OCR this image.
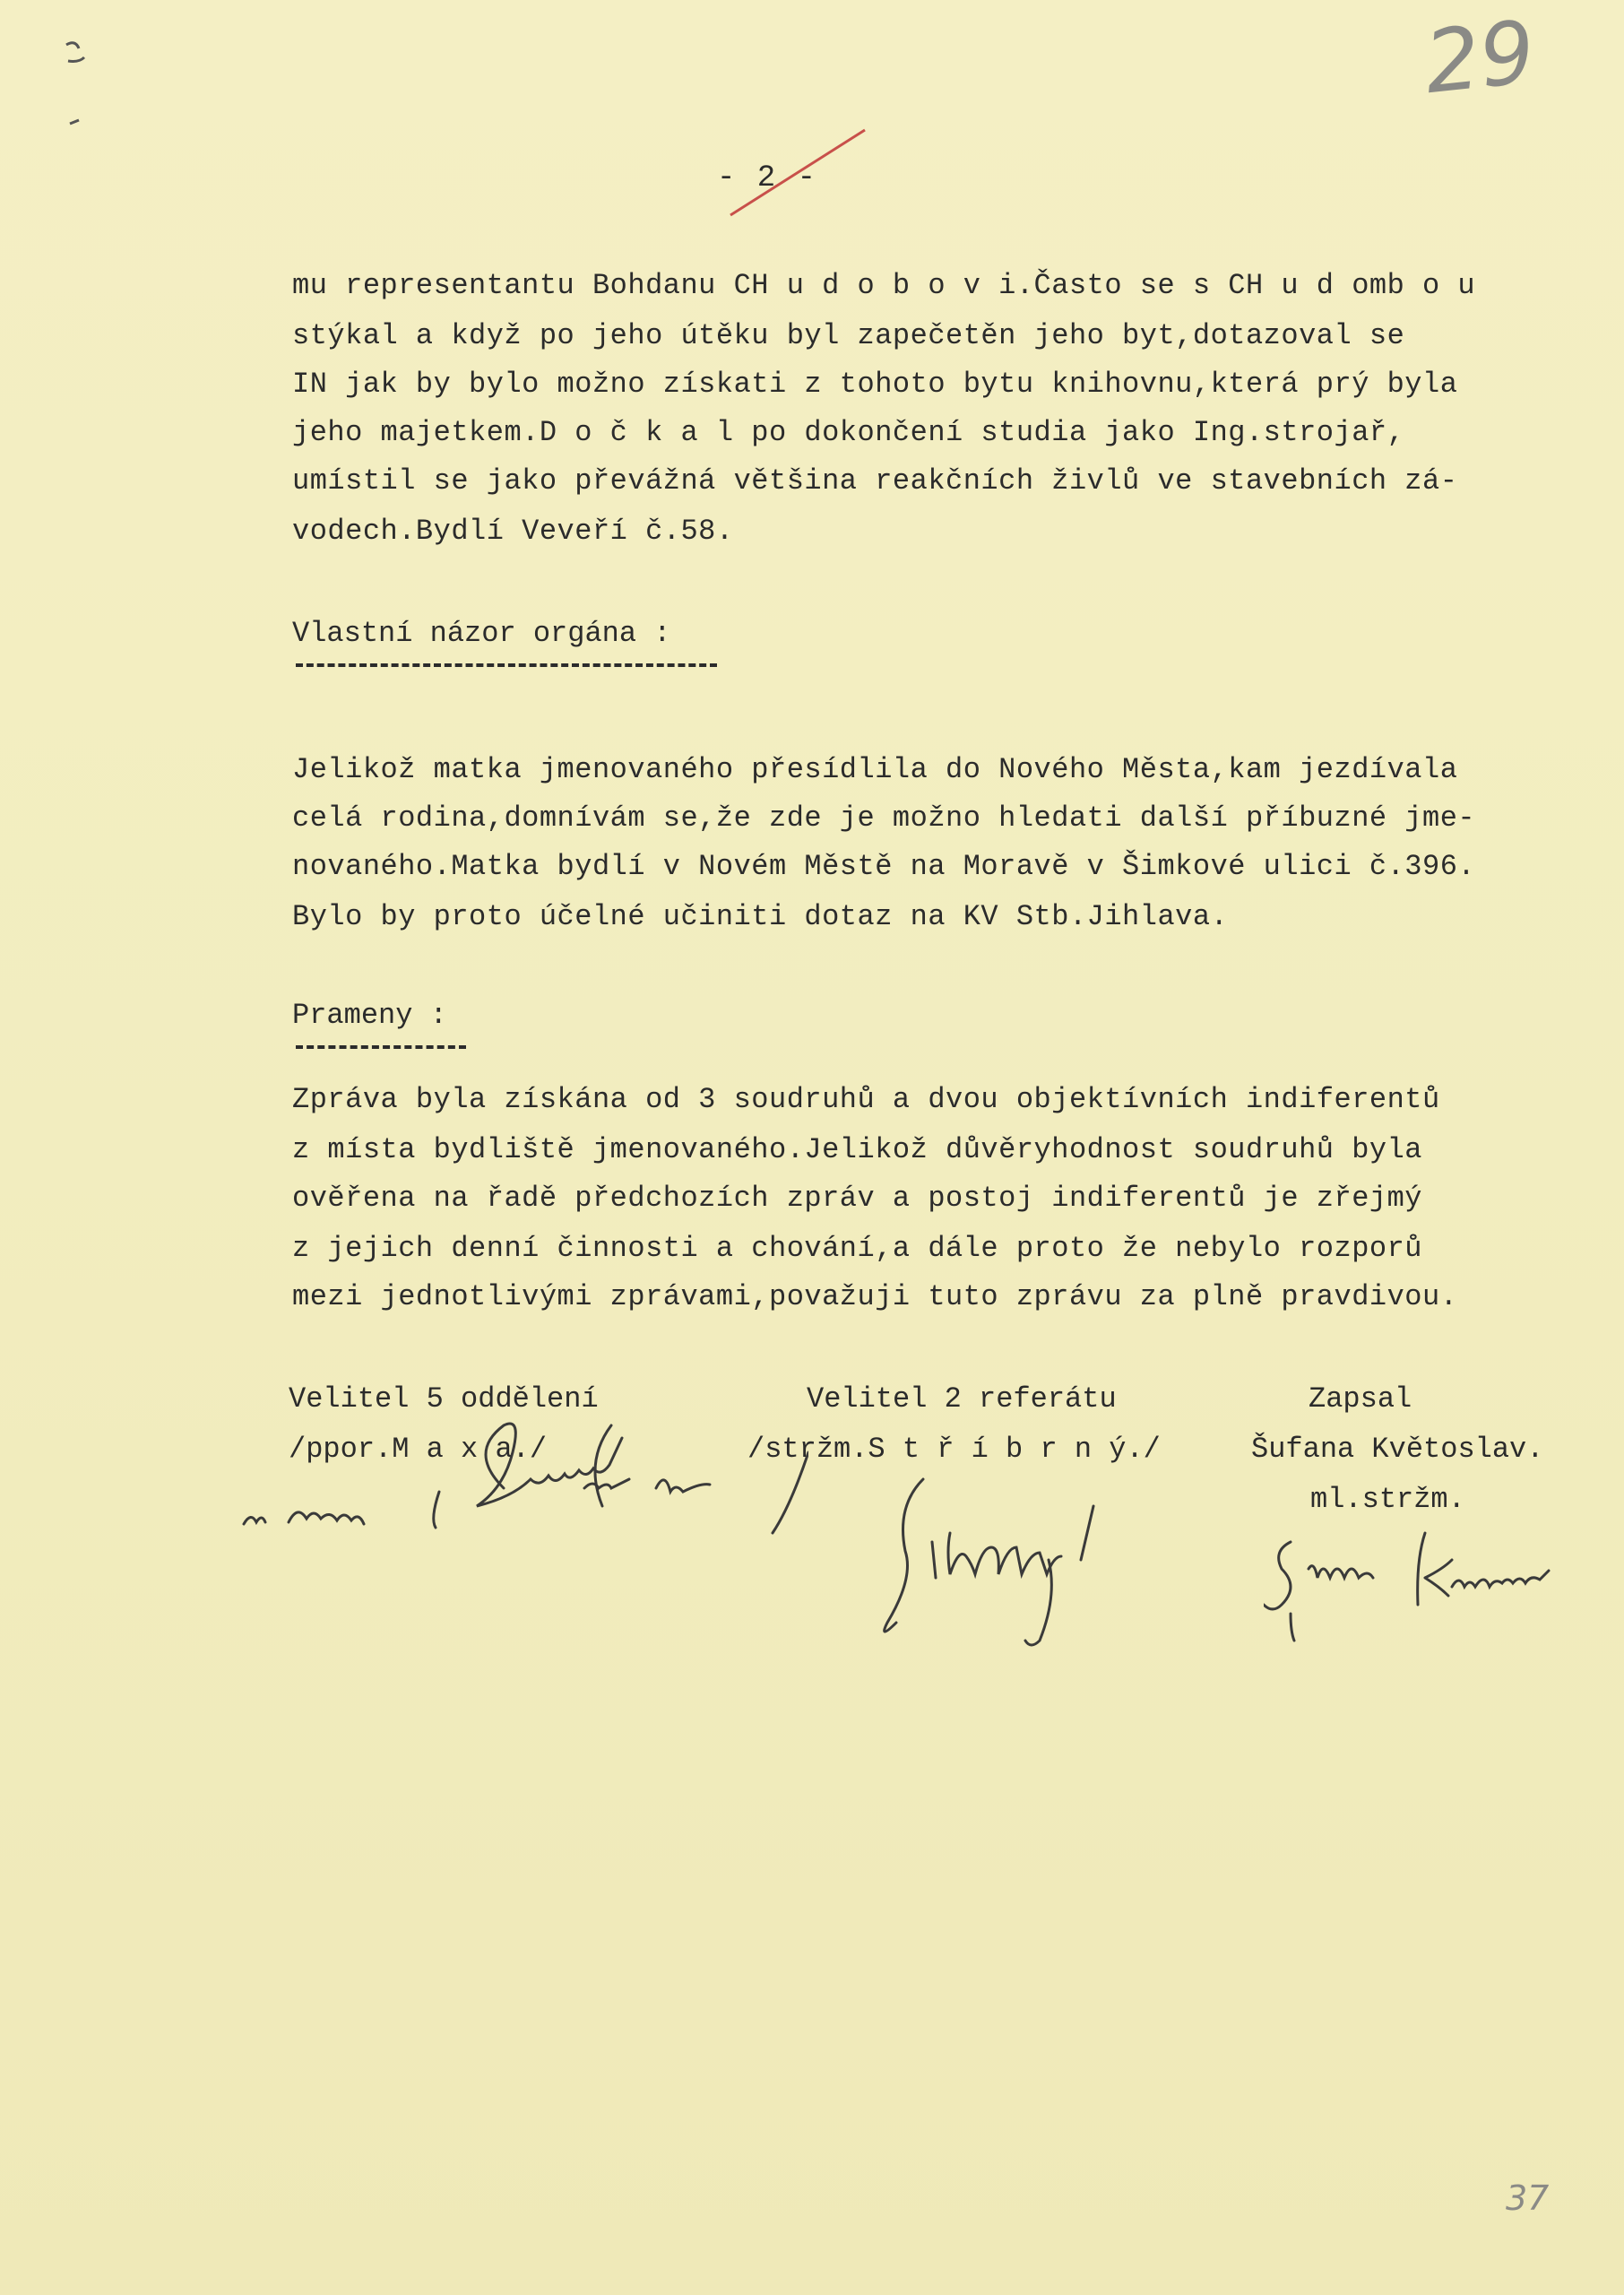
29
- 2 -
mu representantu Bohdanu CH u d o b o v i.Často se s CH u d omb o u
stýkal a když po jeho útěku byl zapečetěn jeho byt,dotazoval se
IN jak by bylo možno získati z tohoto bytu knihovnu,která prý byla
jeho majetkem.D o č k a l po dokončení studia jako Ing.strojař,
umístil se jako převážná většina reakčních živlů ve stavebních zá-
vodech.Bydlí Veveří č.58.
Vlastní názor orgána :
Jelikož matka jmenovaného přesídlila do Nového Města,kam jezdívala
celá rodina,domnívám se,že zde je možno hledati další příbuzné jme-
novaného.Matka bydlí v Novém Městě na Moravě v Šimkové ulici č.396.
Bylo by proto účelné učiniti dotaz na KV Stb.Jihlava.
Prameny :
Zpráva byla získána od 3 soudruhů a dvou objektívních indiferentů
z místa bydliště jmenovaného.Jelikož důvěryhodnost soudruhů byla
ověřena na řadě předchozích zpráv a postoj indiferentů je zřejmý
z jejich denní činnosti a chování,a dále proto že nebylo rozporů
mezi jednotlivými zprávami,považuji tuto zprávu za plně pravdivou.
Velitel 5 oddělení
/ppor.M a x a./
Velitel 2 referátu
/stržm.S t ř í b r n ý./
Zapsal
Šufana Květoslav.
ml.stržm.
37
